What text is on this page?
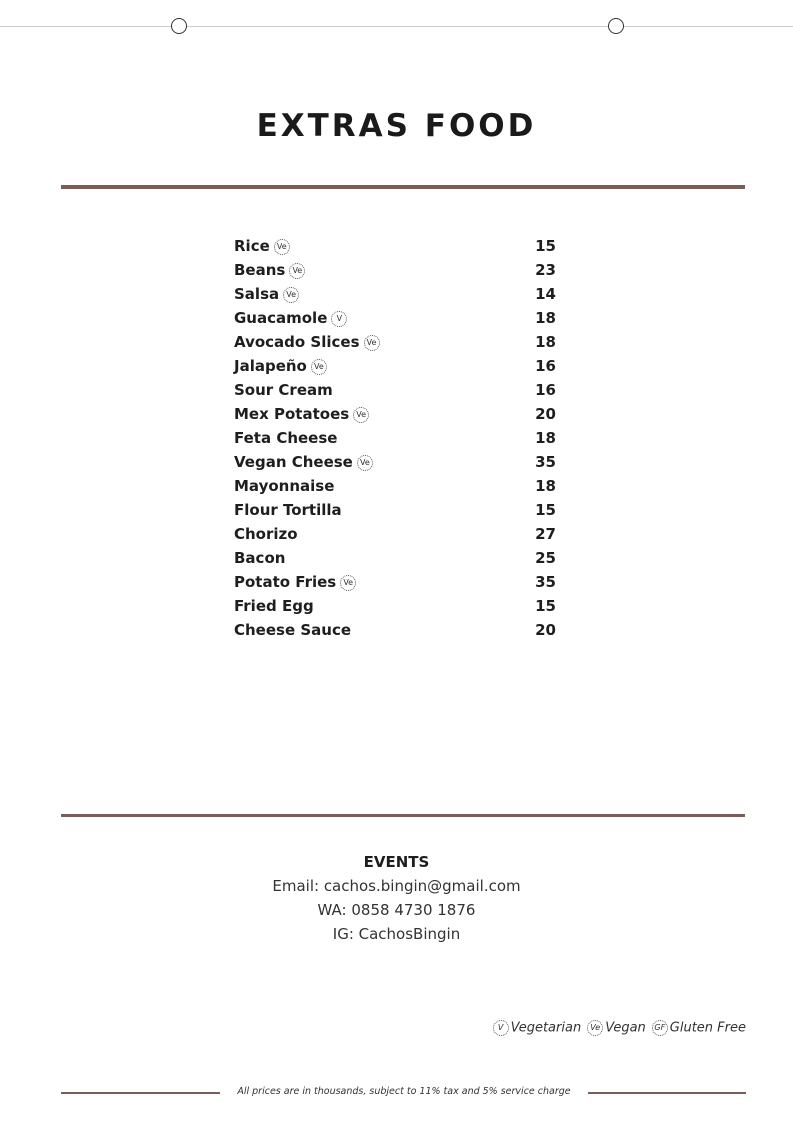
EXTRAS FOOD
Rice Ve	15
Beans Ve	23
Salsa Ve	14
Guacamole V	18
Avocado Slices Ve	18
Jalapeño Ve	16
Sour Cream	16
Mex Potatoes Ve	20
Feta Cheese	18
Vegan Cheese Ve	35
Mayonnaise	18
Flour Tortilla	15
Chorizo	27
Bacon	25
Potato Fries Ve	35
Fried Egg	15
Cheese Sauce	20
EVENTS
Email: cachos.bingin@gmail.com
WA: 0858 4730 1876
IG: CachosBingin
V Vegetarian Ve Vegan GF Gluten Free
All prices are in thousands, subject to 11% tax and 5% service charge
